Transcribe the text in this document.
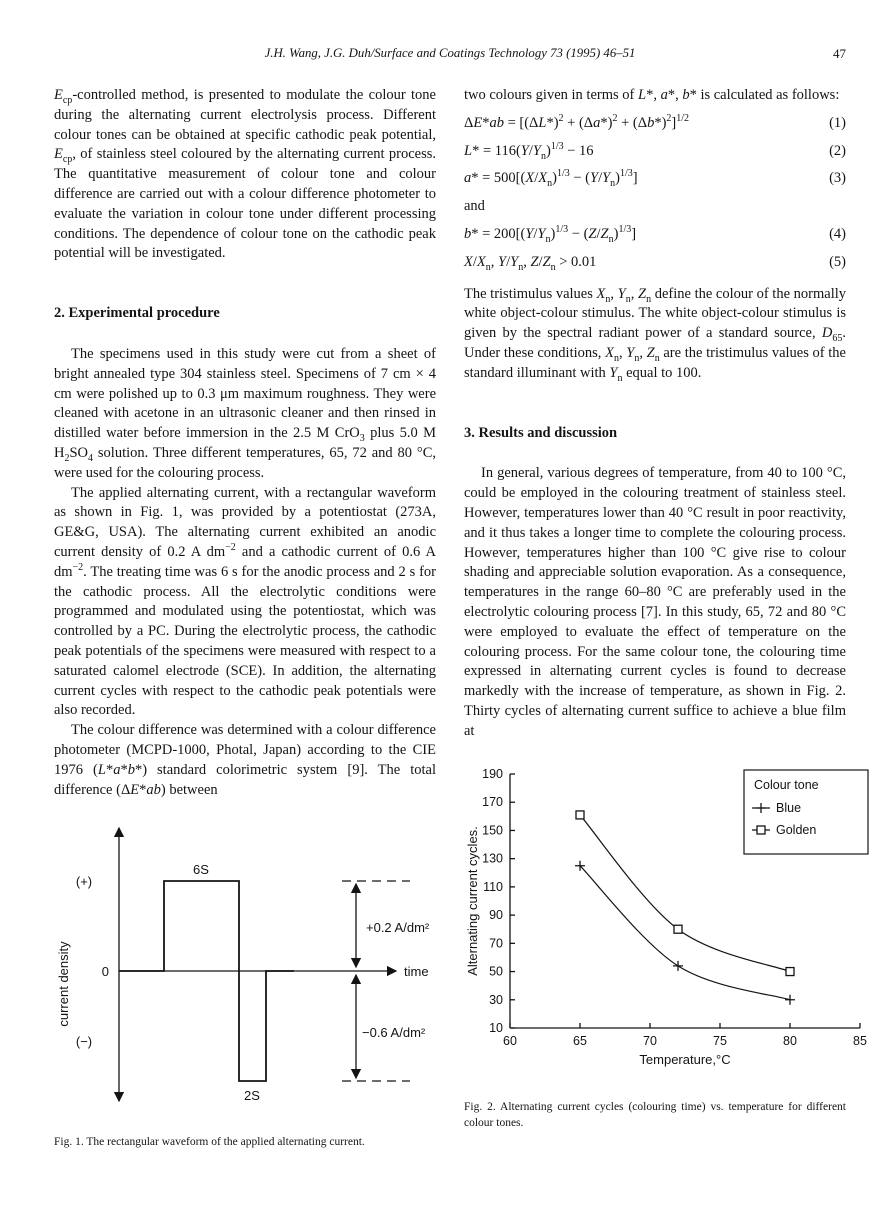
J.H. Wang, J.G. Duh/Surface and Coatings Technology 73 (1995) 46–51	47

$E_{cp}$-controlled method, is presented to modulate the colour tone during the alternating current electrolysis process. Different colour tones can be obtained at specific cathodic peak potential, $E_{cp}$, of stainless steel coloured by the alternating current process. The quantitative measurement of colour tone and colour difference are carried out with a colour difference photometer to evaluate the variation in colour tone under different processing conditions. The dependence of colour tone on the cathodic peak potential will be investigated.

2. Experimental procedure

The specimens used in this study were cut from a sheet of bright annealed type 304 stainless steel. Specimens of 7 cm × 4 cm were polished up to 0.3 μm maximum roughness. They were cleaned with acetone in an ultrasonic cleaner and then rinsed in distilled water before immersion in the 2.5 M CrO$_3$ plus 5.0 M $H_2SO_4$ solution. Three different temperatures, 65, 72 and 80 °C, were used for the colouring process.

The applied alternating current, with a rectangular waveform as shown in Fig. 1, was provided by a potentiostat (273A, GE&G, USA). The alternating current exhibited an anodic current density of 0.2 A $dm^{-2}$ and a cathodic current of 0.6 A $dm^{-2}$. The treating time was 6 s for the anodic process and 2 s for the cathodic process. All the electrolytic conditions were programmed and modulated using the potentiostat, which was controlled by a PC. During the electrolytic process, the cathodic peak potentials of the specimens were measured with respect to a saturated calomel electrode (SCE). In addition, the alternating current cycles with respect to the cathodic peak potentials were also recorded.

The colour difference was determined with a colour difference photometer (MCPD-1000, Photal, Japan) according to the CIE 1976 (L*a*b*) standard colorimetric system [9]. The total difference (ΔE*ab) between

(+)
(−)
0
6S
2S
+0.2 A/dm²
−0.6 A/dm²
time
current density
Fig. 1. The rectangular waveform of the applied alternating current.

two colours given in terms of L*, a*, b* is calculated as follows:

$\Delta E*ab = [(\Delta L*)^2 + (\Delta a*)^2 + (\Delta b*)^2]^{1/2}$	(1)
$L* = 116(Y/Y_n)^{1/3} - 16$	(2)
$a* = 500[(X/X_n)^{1/3} - (Y/Y_n)^{1/3}]$	(3)

and

$b* = 200[(Y/Y_n)^{1/3} - (Z/Z_n)^{1/3}]$	(4)
$X/X_n$, $Y/Y_n$, $Z/Z_n > 0.01$	(5)

The tristimulus values $X_n$, $Y_n$, $Z_n$ define the colour of the normally white object-colour stimulus. The white object-colour stimulus is given by the spectral radiant power of a standard source, $D_{65}$. Under these conditions, $X_n$, $Y_n$, $Z_n$ are the tristimulus values of the standard illuminant with $Y_n$ equal to 100.

3. Results and discussion

In general, various degrees of temperature, from 40 to 100 °C, could be employed in the colouring treatment of stainless steel. However, temperatures lower than 40 °C result in poor reactivity, and it thus takes a longer time to complete the colouring process. However, temperatures higher than 100 °C give rise to colour shading and appreciable solution evaporation. As a consequence, temperatures in the range 60–80 °C are preferably used in the electrolytic colouring process [7]. In this study, 65, 72 and 80 °C were employed to evaluate the effect of temperature on the colouring process. For the same colour tone, the colouring time expressed in alternating current cycles is found to decrease markedly with the increase of temperature, as shown in Fig. 2. Thirty cycles of alternating current suffice to achieve a blue film at

10
30
50
70
90
110
130
150
170
190
60	65	70	75	80	85
Temperature,°C
Alternating current cycles.
Colour tone
Blue
Golden
Fig. 2. Alternating current cycles (colouring time) vs. temperature for different colour tones.
